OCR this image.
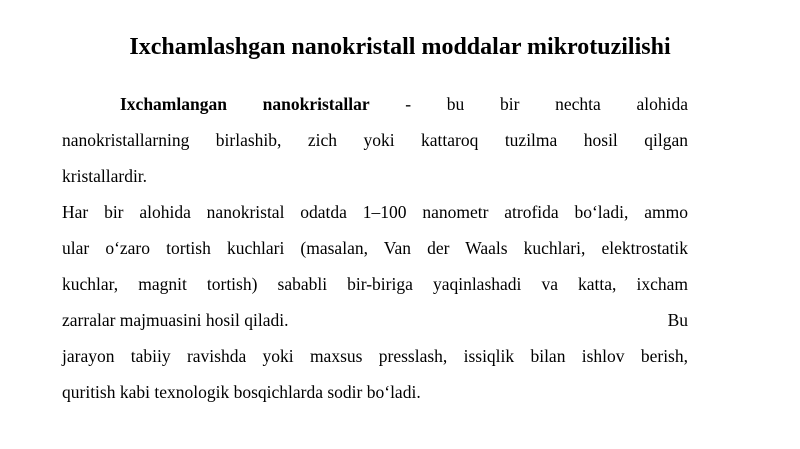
Ixchamlashgan nanokristall moddalar mikrotuzilishi
Ixchamlangan nanokristallar - bu bir nechta alohida
nanokristallarning birlashib, zich yoki kattaroq tuzilma hosil qilgan
kristallardir.
Har bir alohida nanokristal odatda 1–100 nanometr atrofida bo‘ladi, ammo
ular o‘zaro tortish kuchlari (masalan, Van der Waals kuchlari, elektrostatik
kuchlar, magnit tortish) sababli bir-biriga yaqinlashadi va katta, ixcham
zarralar majmuasini hosil qiladi.	Bu
jarayon tabiiy ravishda yoki maxsus presslash, issiqlik bilan ishlov berish,
quritish kabi texnologik bosqichlarda sodir bo‘ladi.
